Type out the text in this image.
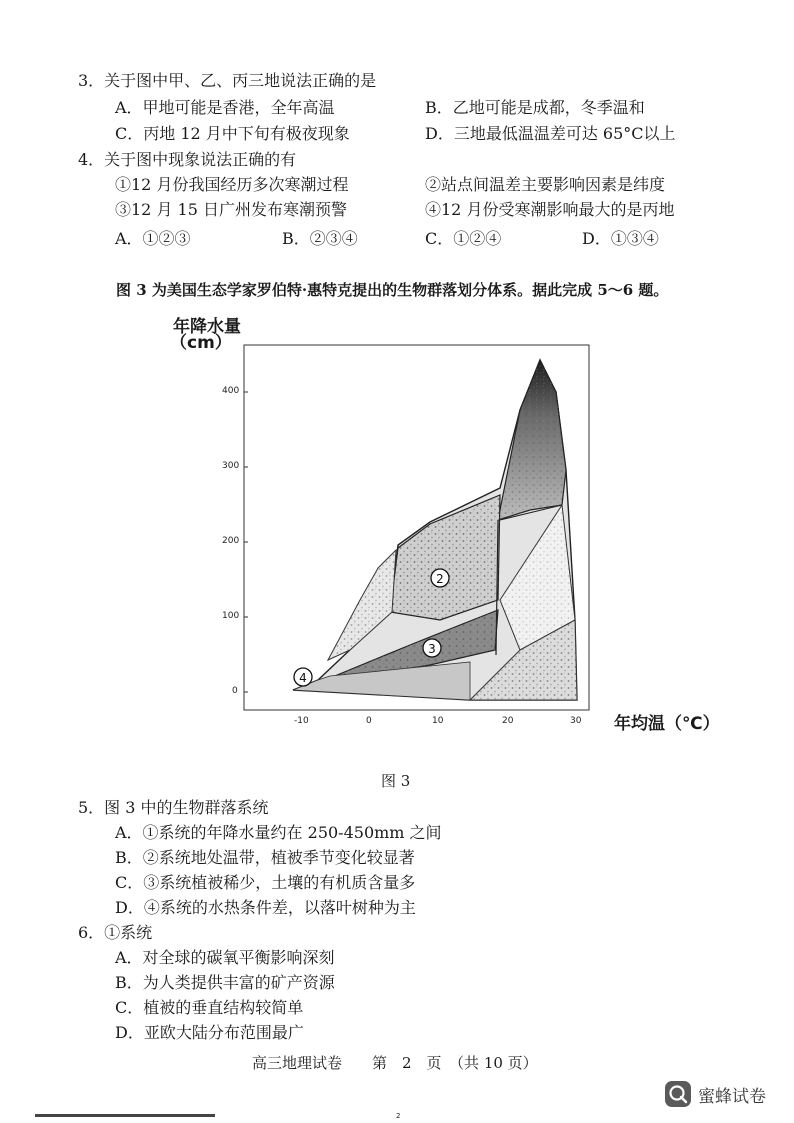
3．关于图中甲、乙、丙三地说法正确的是
A．甲地可能是香港，全年高温	B．乙地可能是成都，冬季温和
C．丙地 12 月中下旬有极夜现象	D．三地最低温温差可达 65°C以上
4．关于图中现象说法正确的有
①12 月份我国经历多次寒潮过程	②站点间温差主要影响因素是纬度
③12 月 15 日广州发布寒潮预警	④12 月份受寒潮影响最大的是丙地
A．①②③	B．②③④	C．①②④	D．①③④
图 3 为美国生态学家罗伯特·惠特克提出的生物群落划分体系。据此完成 5～6 题。
年降水量
（cm）
年均温（℃）
2
3
4
400
300
200
100
0
-10	0	10	20	30
图 3
5．图 3 中的生物群落系统
A．①系统的年降水量约在 250-450mm 之间
B．②系统地处温带，植被季节变化较显著
C．③系统植被稀少，土壤的有机质含量多
D．④系统的水热条件差，以落叶树种为主
6．①系统
A．对全球的碳氧平衡影响深刻
B．为人类提供丰富的矿产资源
C．植被的垂直结构较简单
D．亚欧大陆分布范围最广
高三地理试卷　　第　2　页　（共 10 页）
蜜蜂试卷
2
